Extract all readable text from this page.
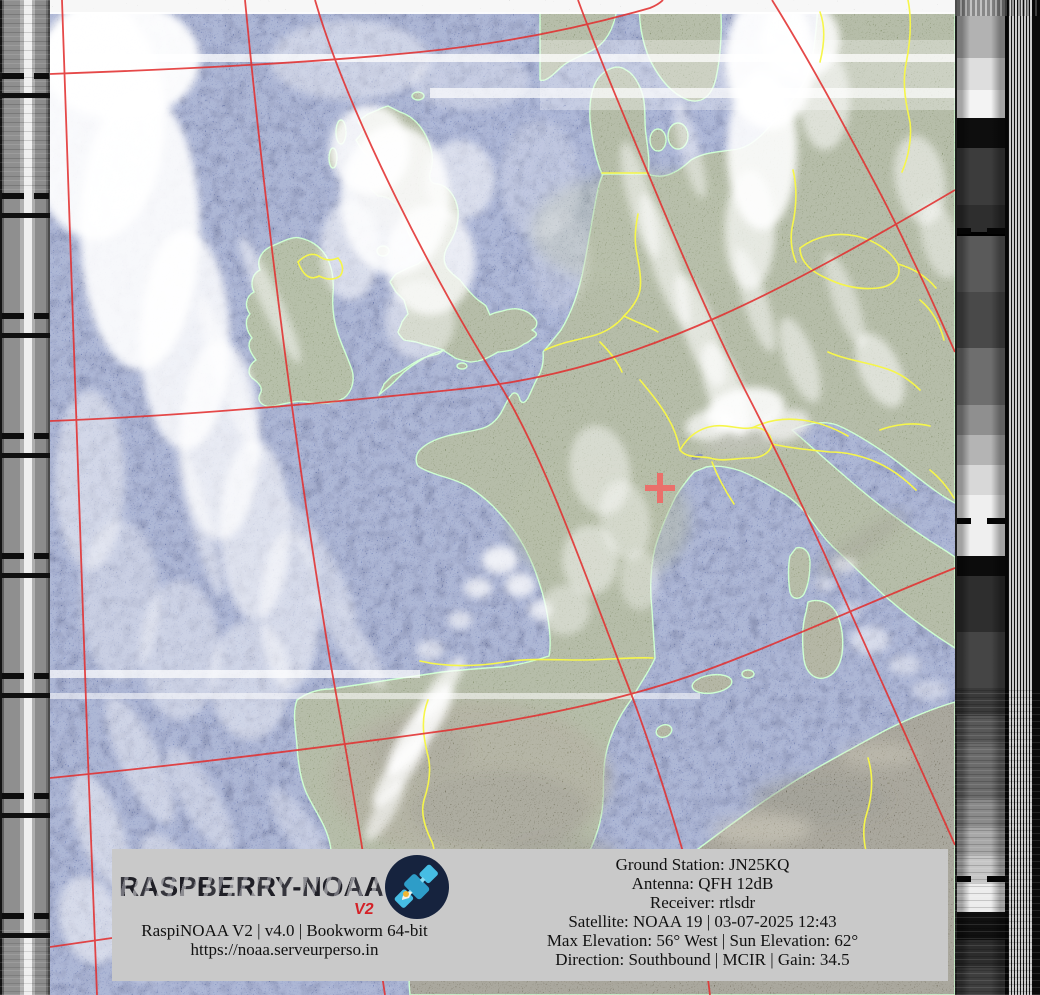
RASPBERRY-NOAA
V2
RaspiNOAA V2 | v4.0 | Bookworm 64-bit
https://noaa.serveurperso.in
Ground Station: JN25KQ
Antenna: QFH 12dB
Receiver: rtlsdr
Satellite: NOAA 19 | 03-07-2025 12:43
Max Elevation: 56° West | Sun Elevation: 62°
Direction: Southbound | MCIR | Gain: 34.5
